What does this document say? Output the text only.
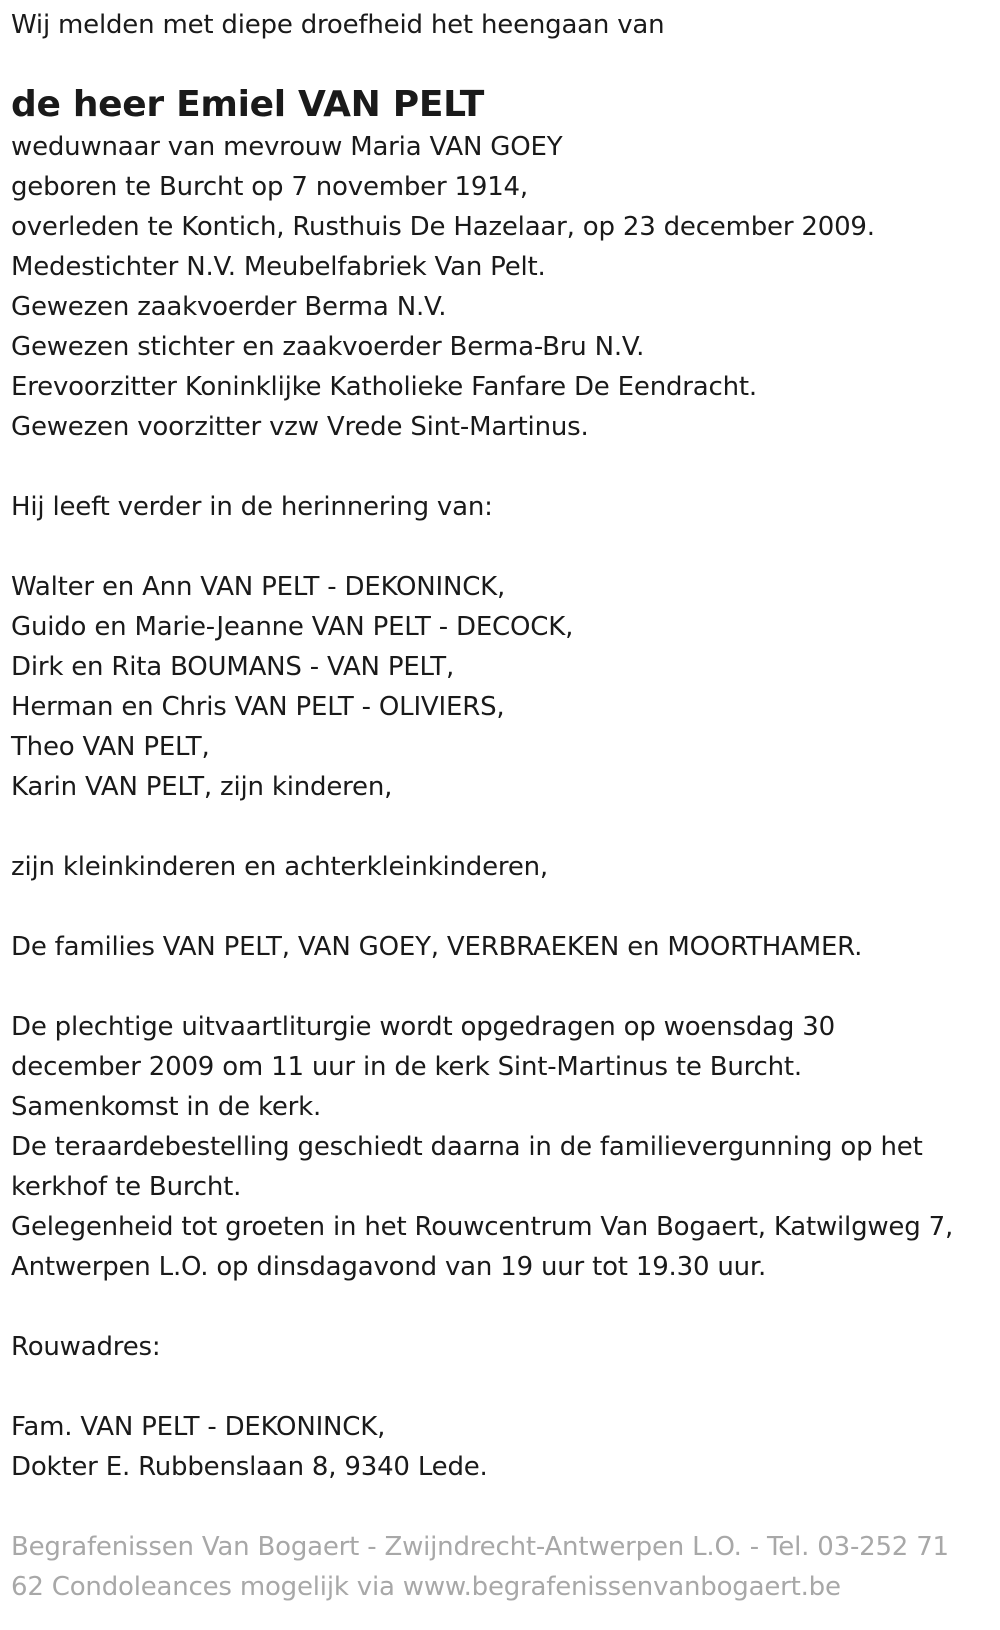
Wij melden met diepe droefheid het heengaan van
de heer Emiel VAN PELT
weduwnaar van mevrouw Maria VAN GOEY
geboren te Burcht op 7 november 1914,
overleden te Kontich, Rusthuis De Hazelaar, op 23 december 2009.
Medestichter N.V. Meubelfabriek Van Pelt.
Gewezen zaakvoerder Berma N.V.
Gewezen stichter en zaakvoerder Berma-Bru N.V.
Erevoorzitter Koninklijke Katholieke Fanfare De Eendracht.
Gewezen voorzitter vzw Vrede Sint-Martinus.
Hij leeft verder in de herinnering van:
Walter en Ann VAN PELT - DEKONINCK,
Guido en Marie-Jeanne VAN PELT - DECOCK,
Dirk en Rita BOUMANS - VAN PELT,
Herman en Chris VAN PELT - OLIVIERS,
Theo VAN PELT,
Karin VAN PELT, zijn kinderen,
zijn kleinkinderen en achterkleinkinderen,
De families VAN PELT, VAN GOEY, VERBRAEKEN en MOORTHAMER.
De plechtige uitvaartliturgie wordt opgedragen op woensdag 30
december 2009 om 11 uur in de kerk Sint-Martinus te Burcht.
Samenkomst in de kerk.
De teraardebestelling geschiedt daarna in de familievergunning op het
kerkhof te Burcht.
Gelegenheid tot groeten in het Rouwcentrum Van Bogaert, Katwilgweg 7,
Antwerpen L.O. op dinsdagavond van 19 uur tot 19.30 uur.
Rouwadres:
Fam. VAN PELT - DEKONINCK,
Dokter E. Rubbenslaan 8, 9340 Lede.
Begrafenissen Van Bogaert - Zwijndrecht-Antwerpen L.O. - Tel. 03-252 71
62 Condoleances mogelijk via www.begrafenissenvanbogaert.be
